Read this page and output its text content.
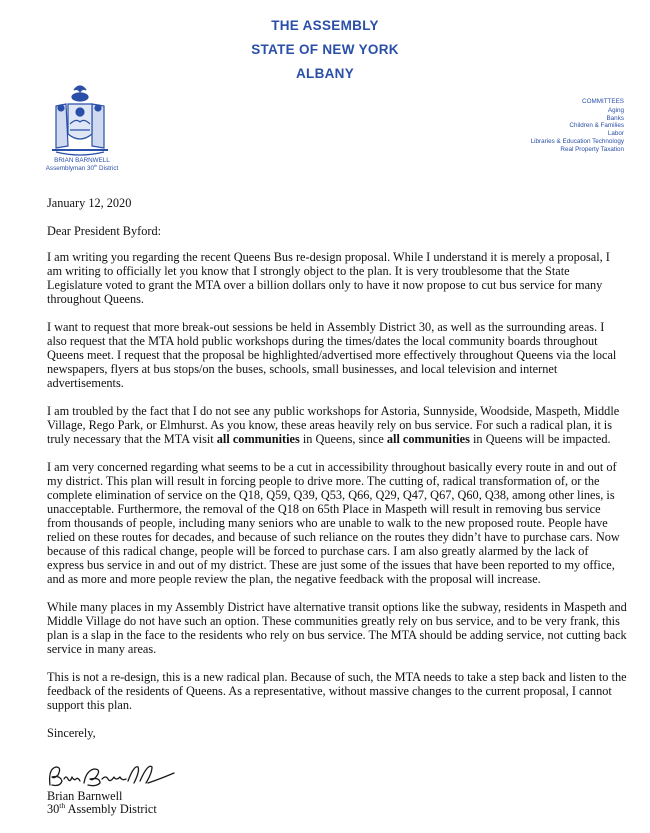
THE ASSEMBLY
STATE OF NEW YORK
ALBANY
BRIAN BARNWELL
Assemblyman 30th District
COMMITTEES
Aging
Banks
Children & Families
Labor
Libraries & Education Technology
Real Property Taxation

January 12, 2020

Dear President Byford:

I am writing you regarding the recent Queens Bus re-design proposal. While I understand it is merely a proposal, I am writing to officially let you know that I strongly object to the plan. It is very troublesome that the State Legislature voted to grant the MTA over a billion dollars only to have it now propose to cut bus service for many throughout Queens.

I want to request that more break-out sessions be held in Assembly District 30, as well as the surrounding areas. I also request that the MTA hold public workshops during the times/dates the local community boards throughout Queens meet. I request that the proposal be highlighted/advertised more effectively throughout Queens via the local newspapers, flyers at bus stops/on the buses, schools, small businesses, and local television and internet advertisements.

I am troubled by the fact that I do not see any public workshops for Astoria, Sunnyside, Woodside, Maspeth, Middle Village, Rego Park, or Elmhurst. As you know, these areas heavily rely on bus service. For such a radical plan, it is truly necessary that the MTA visit all communities in Queens, since all communities in Queens will be impacted.

I am very concerned regarding what seems to be a cut in accessibility throughout basically every route in and out of my district. This plan will result in forcing people to drive more. The cutting of, radical transformation of, or the complete elimination of service on the Q18, Q59, Q39, Q53, Q66, Q29, Q47, Q67, Q60, Q38, among other lines, is unacceptable. Furthermore, the removal of the Q18 on 65th Place in Maspeth will result in removing bus service from thousands of people, including many seniors who are unable to walk to the new proposed route. People have relied on these routes for decades, and because of such reliance on the routes they didn’t have to purchase cars. Now because of this radical change, people will be forced to purchase cars. I am also greatly alarmed by the lack of express bus service in and out of my district. These are just some of the issues that have been reported to my office, and as more and more people review the plan, the negative feedback with the proposal will increase.

While many places in my Assembly District have alternative transit options like the subway, residents in Maspeth and Middle Village do not have such an option. These communities greatly rely on bus service, and to be very frank, this plan is a slap in the face to the residents who rely on bus service. The MTA should be adding service, not cutting back service in many areas.

This is not a re-design, this is a new radical plan. Because of such, the MTA needs to take a step back and listen to the feedback of the residents of Queens. As a representative, without massive changes to the current proposal, I cannot support this plan.

Sincerely,

Brian Barnwell
30th Assembly District
